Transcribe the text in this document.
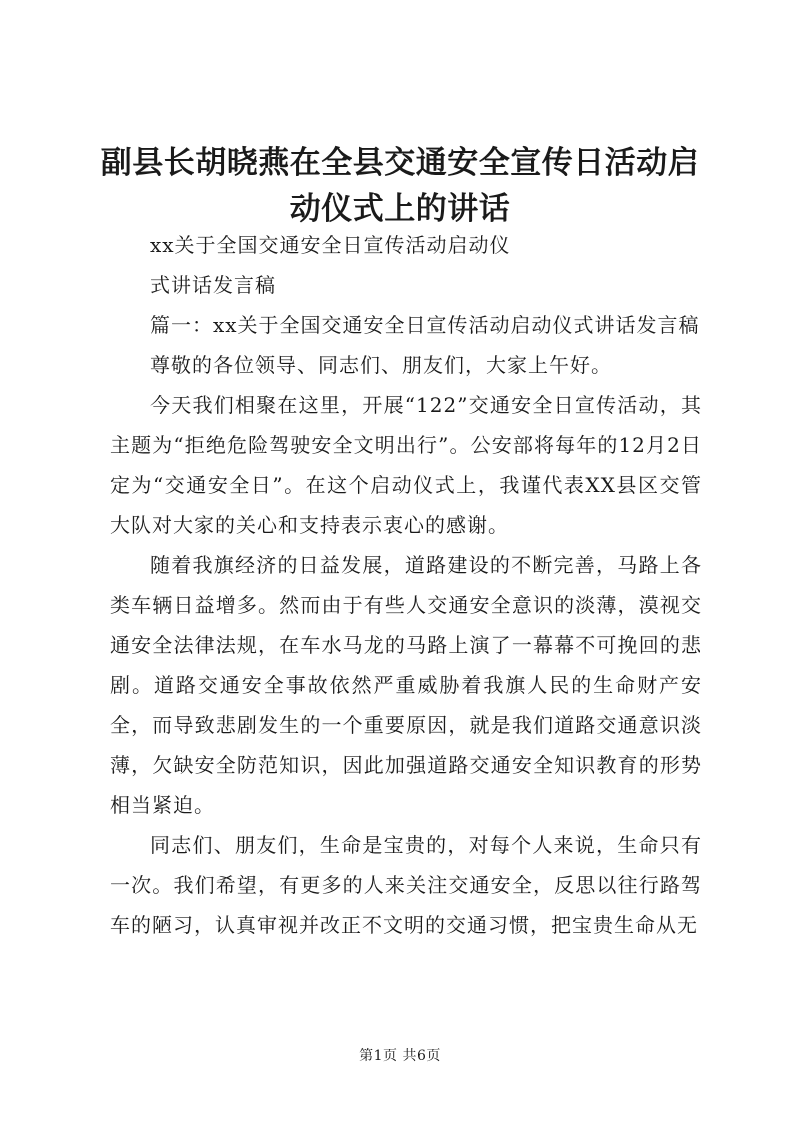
副县长胡晓燕在全县交通安全宣传日活动启动仪式上的讲话

xx关于全国交通安全日宣传活动启动仪

式讲话发言稿

篇一：xx关于全国交通安全日宣传活动启动仪式讲话发言稿

尊敬的各位领导、同志们、朋友们，大家上午好。

今天我们相聚在这里，开展“122”交通安全日宣传活动，其主题为“拒绝危险驾驶安全文明出行”。公安部将每年的12月2日定为“交通安全日”。在这个启动仪式上，我谨代表XX县区交管大队对大家的关心和支持表示衷心的感谢。

随着我旗经济的日益发展，道路建设的不断完善，马路上各类车辆日益增多。然而由于有些人交通安全意识的淡薄，漠视交通安全法律法规，在车水马龙的马路上演了一幕幕不可挽回的悲剧。道路交通安全事故依然严重威胁着我旗人民的生命财产安全，而导致悲剧发生的一个重要原因，就是我们道路交通意识淡薄，欠缺安全防范知识，因此加强道路交通安全知识教育的形势相当紧迫。

同志们、朋友们，生命是宝贵的，对每个人来说，生命只有一次。我们希望，有更多的人来关注交通安全，反思以往行路驾车的陋习，认真审视并改正不文明的交通习惯，把宝贵生命从无

第1页 共6页
